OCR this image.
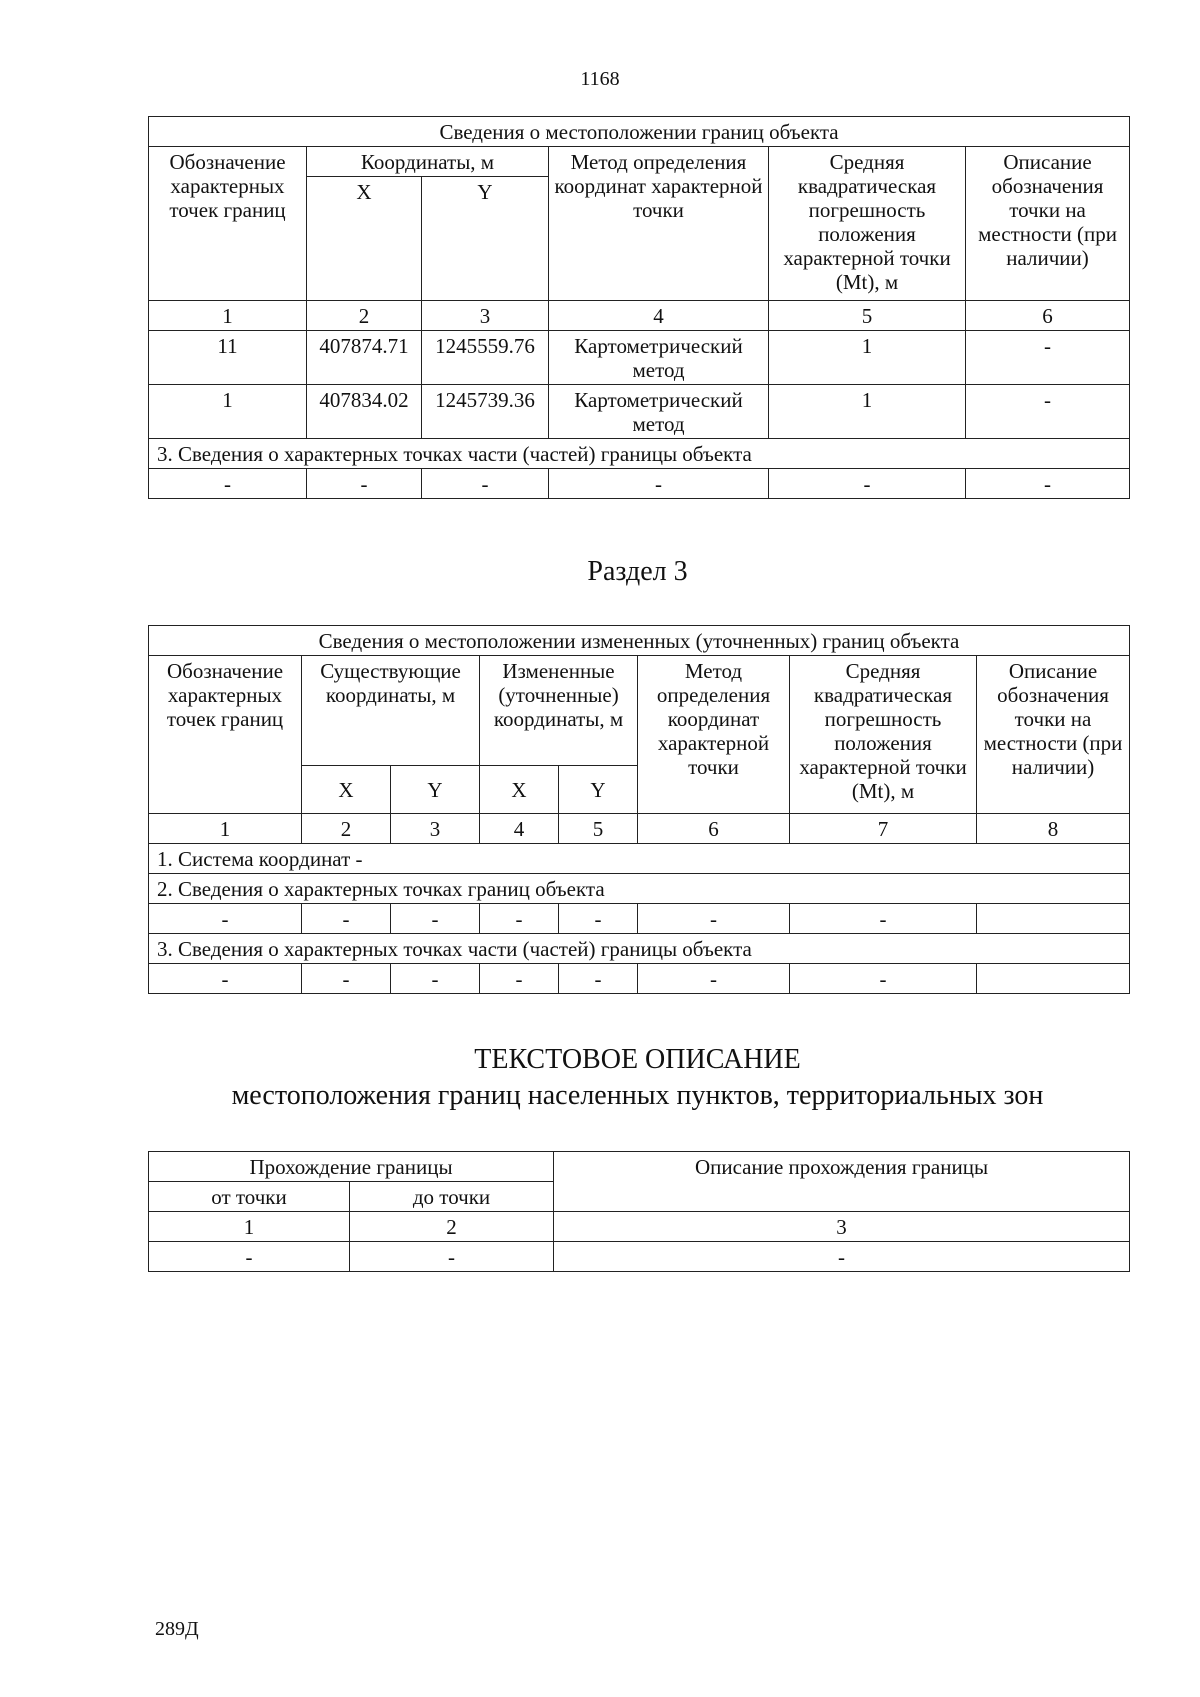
1168
Сведения о местоположении границ объекта					
Обозначение характерных точек границ	Координаты, м		Метод определения координат характерной точки	Средняя квадратическая погрешность положения характерной точки (Mt), м	Описание обозначения точки на местности (при наличии)
	X	Y			
1	2	3	4	5	6
11	407874.71	1245559.76	Картометрический метод	1	-
1	407834.02	1245739.36	Картометрический метод	1	-
3. Сведения о характерных точках части (частей) границы объекта					
-	-	-	-	-	-
Раздел 3
Сведения о местоположении измененных (уточненных) границ объекта							
Обозначение характерных точек границ	Существующие координаты, м		Измененные (уточненные) координаты, м		Метод определения координат характерной точки	Средняя квадратическая погрешность положения характерной точки (Mt), м	Описание обозначения точки на местности (при наличии)
	X	Y	X	Y			
1	2	3	4	5	6	7	8
1. Система координат -							
2. Сведения о характерных точках границ объекта							
-	-	-	-	-	-	-	
3. Сведения о характерных точках части (частей) границы объекта							
-	-	-	-	-	-	-	
ТЕКСТОВОЕ ОПИСАНИЕ
местоположения границ населенных пунктов, территориальных зон
Прохождение границы		Описание прохождения границы
от точки	до точки	
1	2	3
-	-	-
289Д
